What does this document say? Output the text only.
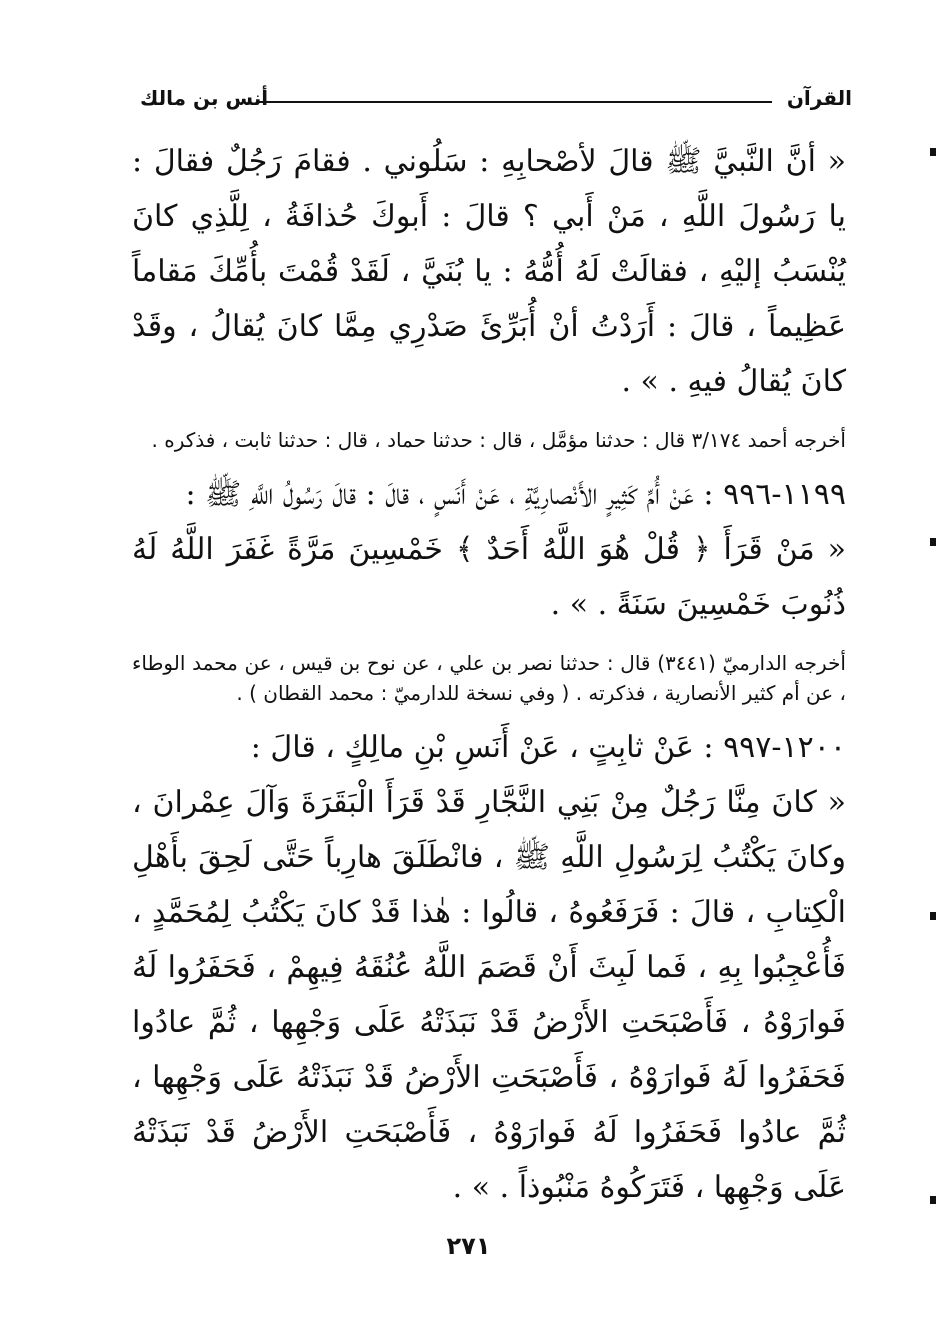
القرآن
أنس بن مالك

« أنَّ النَّبيَّ ﷺ قالَ لأصْحابِهِ : سَلُوني . فقامَ رَجُلٌ فقالَ : يا رَسُولَ اللَّهِ ، مَنْ أَبي ؟ قالَ : أَبوكَ حُذافَةُ ، لِلَّذِي كانَ يُنْسَبُ إليْهِ ، فقالَتْ لَهُ أُمُّهُ : يا بُنَيَّ ، لَقَدْ قُمْتَ بأُمِّكَ مَقاماً عَظِيماً ، قالَ : أَرَدْتُ أنْ أُبَرِّئَ صَدْرِي مِمَّا كانَ يُقالُ ، وقَدْ كانَ يُقالُ فيهِ . » .

أخرجه أحمد ٣/١٧٤ قال : حدثنا مؤمَّل ، قال : حدثنا حماد ، قال : حدثنا ثابت ، فذكره .

١١٩٩-٩٩٦ : عَنْ أُمِّ كَثِيرٍ الأَنْصارِيَّةِ ، عَنْ أَنَسٍ ، قالَ : قالَ رَسُولُ اللَّهِ ﷺ :

« مَنْ قَرَأَ ﴿ قُلْ هُوَ اللَّهُ أَحَدٌ ﴾ خَمْسِينَ مَرَّةً غَفَرَ اللَّهُ لَهُ ذُنُوبَ خَمْسِينَ سَنَةً . » .

أخرجه الدارميّ (٣٤٤١) قال : حدثنا نصر بن علي ، عن نوح بن قيس ، عن محمد الوطاء ، عن أم كثير الأنصارية ، فذكرته . ( وفي نسخة للدارميّ : محمد القطان ) .

١٢٠٠-٩٩٧ : عَنْ ثابِتٍ ، عَنْ أَنَسِ بْنِ مالِكٍ ، قالَ :

« كانَ مِنَّا رَجُلٌ مِنْ بَنِي النَّجَّارِ قَدْ قَرَأَ الْبَقَرَةَ وَآلَ عِمْرانَ ، وكانَ يَكْتُبُ لِرَسُولِ اللَّهِ ﷺ ، فانْطَلَقَ هارِباً حَتَّى لَحِقَ بأَهْلِ الْكِتابِ ، قالَ : فَرَفَعُوهُ ، قالُوا : هٰذا قَدْ كانَ يَكْتُبُ لِمُحَمَّدٍ ، فَأُعْجِبُوا بِهِ ، فَما لَبِثَ أَنْ قَصَمَ اللَّهُ عُنُقَهُ فِيهِمْ ، فَحَفَرُوا لَهُ فَوارَوْهُ ، فَأَصْبَحَتِ الأَرْضُ قَدْ نَبَذَتْهُ عَلَى وَجْهِها ، ثُمَّ عادُوا فَحَفَرُوا لَهُ فَوارَوْهُ ، فَأَصْبَحَتِ الأَرْضُ قَدْ نَبَذَتْهُ عَلَى وَجْهِها ، ثُمَّ عادُوا فَحَفَرُوا لَهُ فَوارَوْهُ ، فَأَصْبَحَتِ الأَرْضُ قَدْ نَبَذَتْهُ عَلَى وَجْهِها ، فَتَرَكُوهُ مَنْبُوذاً . » .

٢٧١
